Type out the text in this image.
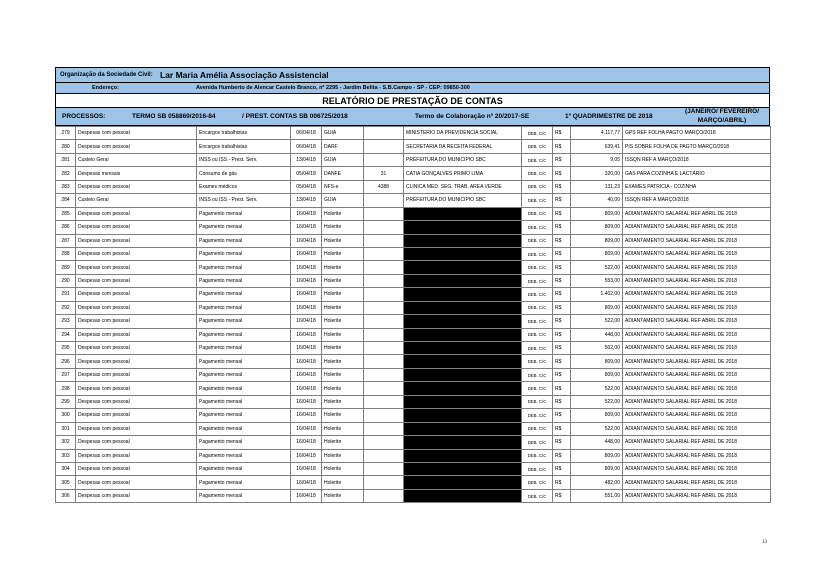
Organização da Sociedade Civil: Lar Maria Amélia Associação Assistencial
Endereço:	Avenida Humberto de Alencar Castelo Branco, nº 2295 - Jardim Belita - S.B.Campo - SP - CEP: 09850-300
RELATÓRIO DE PRESTAÇÃO DE CONTAS
PROCESSOS:	TERMO SB 058869/2016-84	/ PREST. CONTAS SB 006725/2018	Termo de Colaboração nº 20/2017-SE	1º QUADRIMESTRE DE 2018
(JANEIRO/ FEVEREIRO/
MARÇO/ABRIL)
279	Despesas com pessoal	Encargos trabalhistas	06/04/18	GUIA		MINISTERIO DA PREVIDENCIA SOCIAL	DEB. C/C	R$	4.117,77	GPS REF FOLHA PAGTO MARÇO/2018
280	Despesas com pessoal	Encargos trabalhistas	06/04/18	DARF		SECRETARIA DA RECEITA FEDERAL	DEB. C/C	R$	639,41	PIS SOBRE FOLHA DE PAGTO MARÇO/2018
281	Custeio Geral	INSS ou ISS - Prest. Serv.	13/04/18	GUIA		PREFEITURA DO MUNICIPIO SBC	DEB. C/C	R$	9,05	ISSQN REF A MARÇO/2018
282	Despesas mensais	Consumo de gás	05/04/18	DANFE	31	CATIA GONÇALVES PRIMO LIMA	DEB. C/C	R$	320,00	GAS PARA COZINHA E LACTÁRIO
283	Despesas com pessoal	Exames médicos	05/04/18	NFS-e	4388	CLINICA MED. SEG. TRAB. AREA VERDE	DEB. C/C	R$	131,23	EXAMES PATRICIA - COZINHA
284	Custeio Geral	INSS ou ISS - Prest. Serv.	13/04/18	GUIA		PREFEITURA DO MUNICIPIO SBC	DEB. C/C	R$	40,00	ISSQN REF A MARÇO/2018
285	Despesas com pessoal	Pagamento mensal	16/04/18	Holerite			DEB. C/C	R$	809,00	ADIANTAMENTO SALARIAL REF ABRIL DE 2018
286	Despesas com pessoal	Pagamento mensal	16/04/18	Holerite			DEB. C/C	R$	809,00	ADIANTAMENTO SALARIAL REF ABRIL DE 2018
287	Despesas com pessoal	Pagamento mensal	16/04/18	Holerite			DEB. C/C	R$	809,00	ADIANTAMENTO SALARIAL REF ABRIL DE 2018
288	Despesas com pessoal	Pagamento mensal	16/04/18	Holerite			DEB. C/C	R$	809,00	ADIANTAMENTO SALARIAL REF ABRIL DE 2018
289	Despesas com pessoal	Pagamento mensal	16/04/18	Holerite			DEB. C/C	R$	522,00	ADIANTAMENTO SALARIAL REF ABRIL DE 2018
290	Despesas com pessoal	Pagamento mensal	16/04/18	Holerite			DEB. C/C	R$	553,00	ADIANTAMENTO SALARIAL REF ABRIL DE 2018
291	Despesas com pessoal	Pagamento mensal	16/04/18	Holerite			DEB. C/C	R$	1.402,00	ADIANTAMENTO SALARIAL REF ABRIL DE 2018
292	Despesas com pessoal	Pagamento mensal	16/04/18	Holerite			DEB. C/C	R$	809,00	ADIANTAMENTO SALARIAL REF ABRIL DE 2018
293	Despesas com pessoal	Pagamento mensal	16/04/18	Holerite			DEB. C/C	R$	522,00	ADIANTAMENTO SALARIAL REF ABRIL DE 2018
294	Despesas com pessoal	Pagamento mensal	16/04/18	Holerite			DEB. C/C	R$	448,00	ADIANTAMENTO SALARIAL REF ABRIL DE 2018
295	Despesas com pessoal	Pagamento mensal	16/04/18	Holerite			DEB. C/C	R$	502,00	ADIANTAMENTO SALARIAL REF ABRIL DE 2018
296	Despesas com pessoal	Pagamento mensal	16/04/18	Holerite			DEB. C/C	R$	809,00	ADIANTAMENTO SALARIAL REF ABRIL DE 2018
297	Despesas com pessoal	Pagamento mensal	16/04/18	Holerite			DEB. C/C	R$	809,00	ADIANTAMENTO SALARIAL REF ABRIL DE 2018
298	Despesas com pessoal	Pagamento mensal	16/04/18	Holerite			DEB. C/C	R$	522,00	ADIANTAMENTO SALARIAL REF ABRIL DE 2018
299	Despesas com pessoal	Pagamento mensal	16/04/18	Holerite			DEB. C/C	R$	522,00	ADIANTAMENTO SALARIAL REF ABRIL DE 2018
300	Despesas com pessoal	Pagamento mensal	16/04/18	Holerite			DEB. C/C	R$	809,00	ADIANTAMENTO SALARIAL REF ABRIL DE 2018
301	Despesas com pessoal	Pagamento mensal	16/04/18	Holerite			DEB. C/C	R$	522,00	ADIANTAMENTO SALARIAL REF ABRIL DE 2018
302	Despesas com pessoal	Pagamento mensal	16/04/18	Holerite			DEB. C/C	R$	448,00	ADIANTAMENTO SALARIAL REF ABRIL DE 2018
303	Despesas com pessoal	Pagamento mensal	16/04/18	Holerite			DEB. C/C	R$	809,00	ADIANTAMENTO SALARIAL REF ABRIL DE 2018
304	Despesas com pessoal	Pagamento mensal	16/04/18	Holerite			DEB. C/C	R$	809,00	ADIANTAMENTO SALARIAL REF ABRIL DE 2018
305	Despesas com pessoal	Pagamento mensal	16/04/18	Holerite			DEB. C/C	R$	482,00	ADIANTAMENTO SALARIAL REF ABRIL DE 2018
306	Despesas com pessoal	Pagamento mensal	16/04/18	Holerite			DEB. C/C	R$	551,00	ADIANTAMENTO SALARIAL REF ABRIL DE 2018
13
